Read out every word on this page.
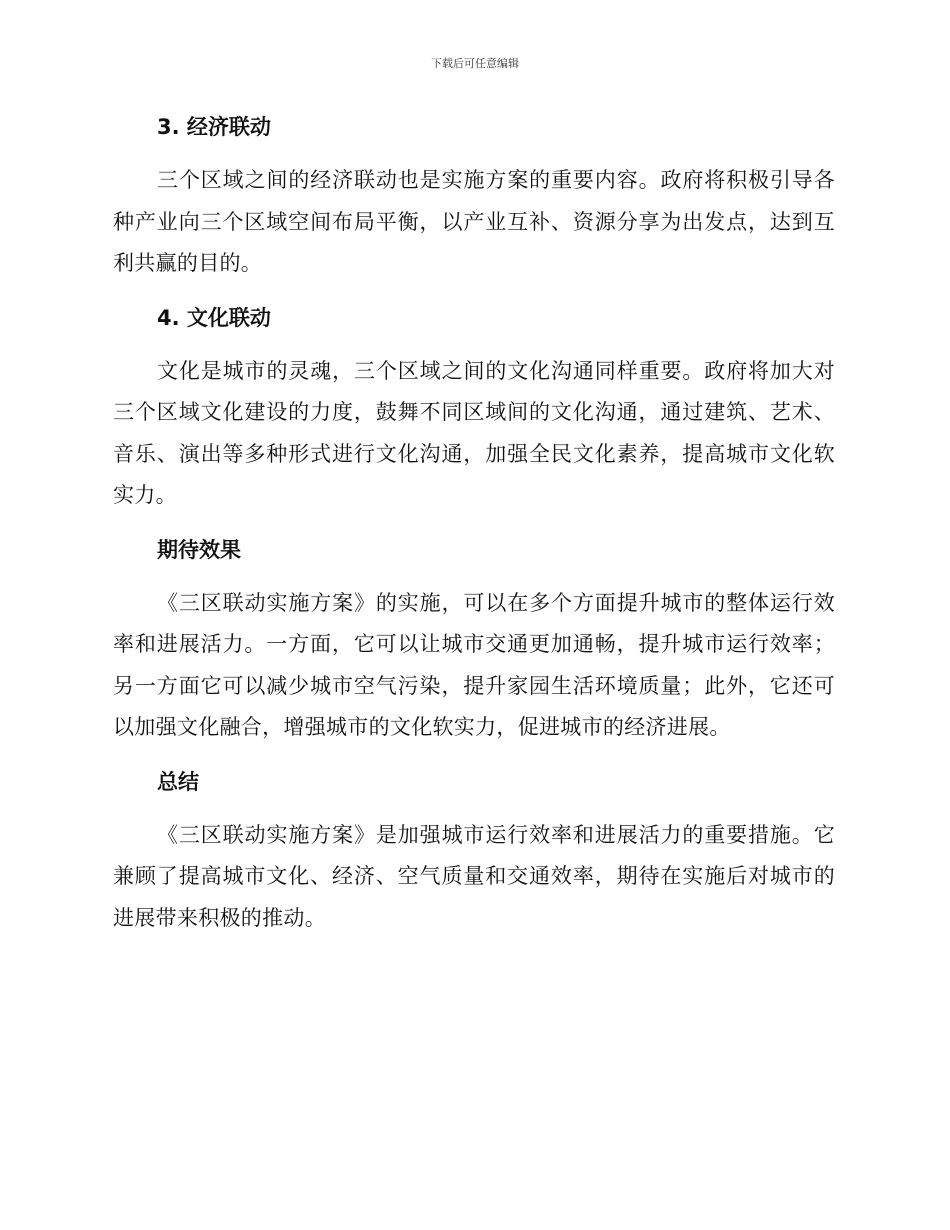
下载后可任意编辑
3. 经济联动

三个区域之间的经济联动也是实施方案的重要内容。政府将积极引导各种产业向三个区域空间布局平衡，以产业互补、资源分享为出发点，达到互利共赢的目的。

4. 文化联动

文化是城市的灵魂，三个区域之间的文化沟通同样重要。政府将加大对三个区域文化建设的力度，鼓舞不同区域间的文化沟通，通过建筑、艺术、音乐、演出等多种形式进行文化沟通，加强全民文化素养，提高城市文化软实力。

期待效果

《三区联动实施方案》的实施，可以在多个方面提升城市的整体运行效率和进展活力。一方面，它可以让城市交通更加通畅，提升城市运行效率；另一方面它可以减少城市空气污染，提升家园生活环境质量；此外，它还可以加强文化融合，增强城市的文化软实力，促进城市的经济进展。

总结

《三区联动实施方案》是加强城市运行效率和进展活力的重要措施。它兼顾了提高城市文化、经济、空气质量和交通效率，期待在实施后对城市的进展带来积极的推动。
